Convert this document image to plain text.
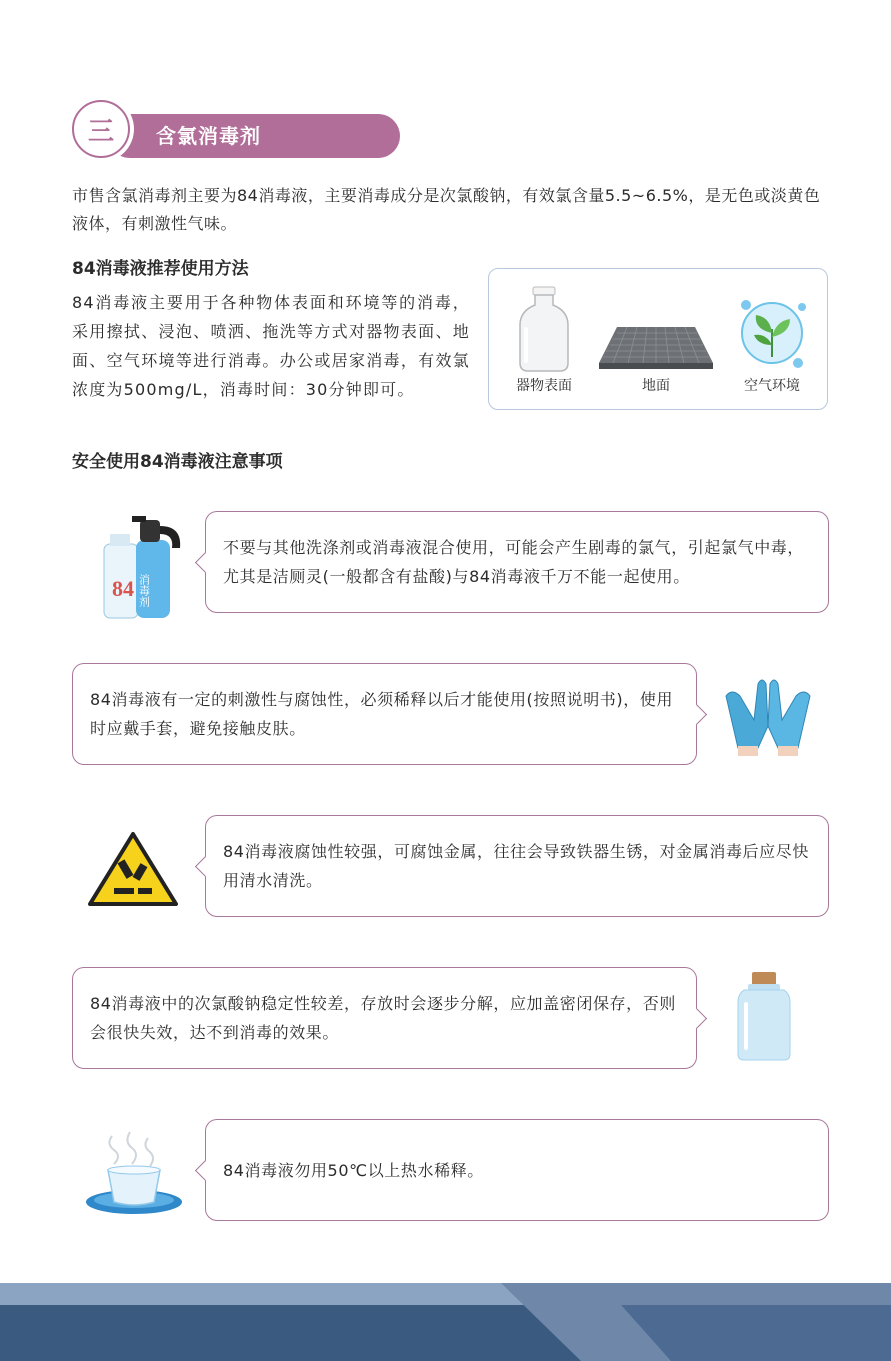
三	含氯消毒剂
市售含氯消毒剂主要为84消毒液，主要消毒成分是次氯酸钠，有效氯含量5.5~6.5%，是无色或淡黄色液体，有刺激性气味。
84消毒液推荐使用方法
84消毒液主要用于各种物体表面和环境等的消毒，采用擦拭、浸泡、喷洒、拖洗等方式对器物表面、地面、空气环境等进行消毒。办公或居家消毒，有效氯浓度为500mg/L，消毒时间：30分钟即可。	器物表面	地面	空气环境
安全使用84消毒液注意事项
84 消毒剂
不要与其他洗涤剂或消毒液混合使用，可能会产生剧毒的氯气，引起氯气中毒，尤其是洁厕灵(一般都含有盐酸)与84消毒液千万不能一起使用。
84消毒液有一定的刺激性与腐蚀性，必须稀释以后才能使用(按照说明书)，使用时应戴手套，避免接触皮肤。
84消毒液腐蚀性较强，可腐蚀金属，往往会导致铁器生锈，对金属消毒后应尽快用清水清洗。
84消毒液中的次氯酸钠稳定性较差，存放时会逐步分解，应加盖密闭保存，否则会很快失效，达不到消毒的效果。
84消毒液勿用50℃以上热水稀释。
